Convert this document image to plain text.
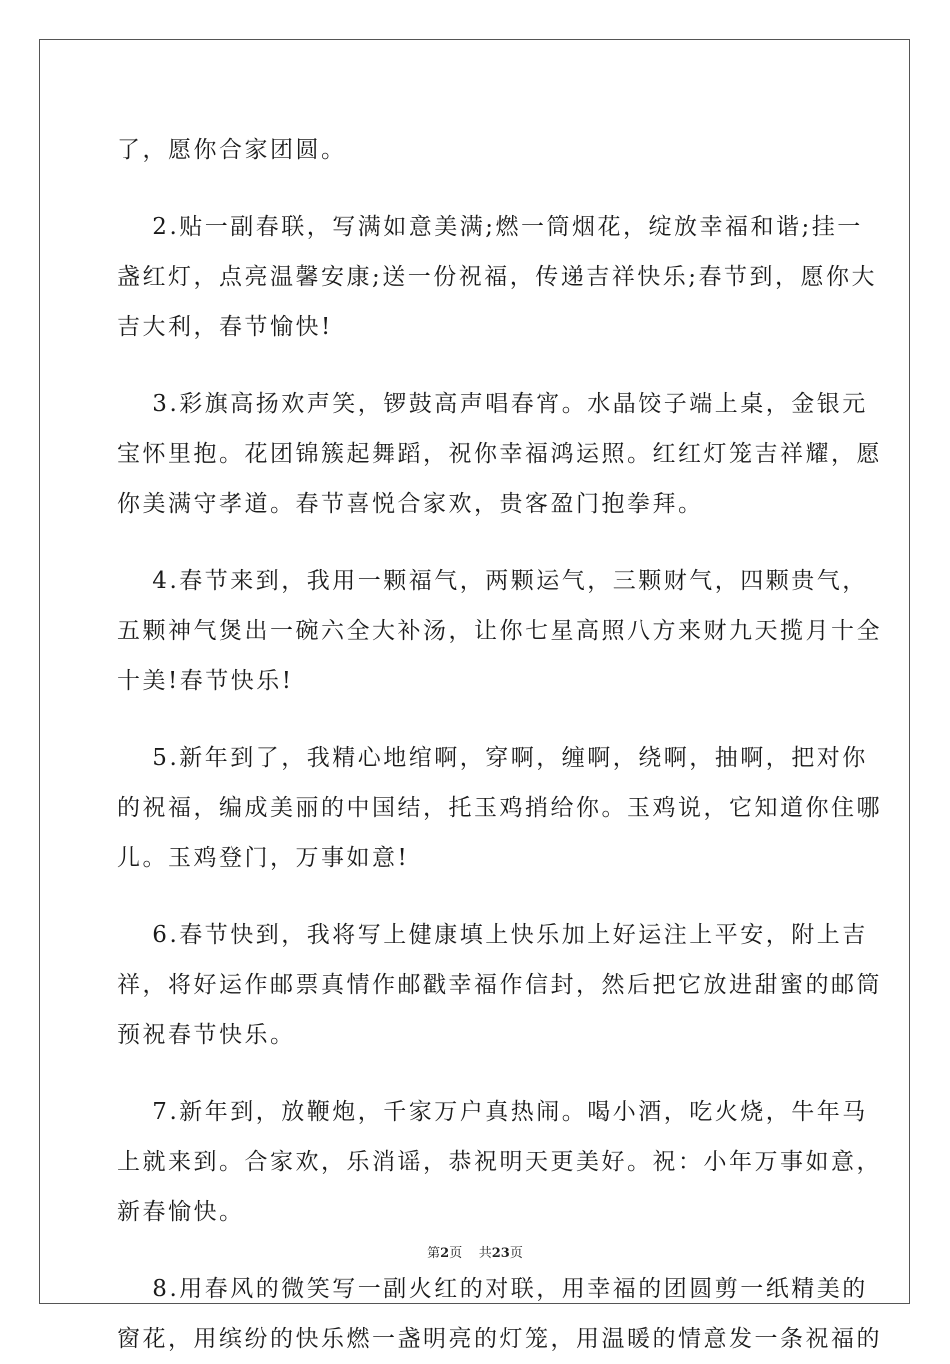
了，愿你合家团圆。
　 2.贴一副春联，写满如意美满;燃一筒烟花，绽放幸福和谐;挂一
盏红灯，点亮温馨安康;送一份祝福，传递吉祥快乐;春节到，愿你大
吉大利，春节愉快!
　 3.彩旗高扬欢声笑，锣鼓高声唱春宵。水晶饺子端上桌，金银元
宝怀里抱。花团锦簇起舞蹈，祝你幸福鸿运照。红红灯笼吉祥耀，愿
你美满守孝道。春节喜悦合家欢，贵客盈门抱拳拜。
　 4.春节来到，我用一颗福气，两颗运气，三颗财气，四颗贵气，
五颗神气煲出一碗六全大补汤，让你七星高照八方来财九天揽月十全
十美!春节快乐!
　 5.新年到了，我精心地绾啊，穿啊，缠啊，绕啊，抽啊，把对你
的祝福，编成美丽的中国结，托玉鸡捎给你。玉鸡说，它知道你住哪
儿。玉鸡登门，万事如意!
　 6.春节快到，我将写上健康填上快乐加上好运注上平安，附上吉
祥，将好运作邮票真情作邮戳幸福作信封，然后把它放进甜蜜的邮筒
预祝春节快乐。
　 7.新年到，放鞭炮，千家万户真热闹。喝小酒，吃火烧，牛年马
上就来到。合家欢，乐消谣，恭祝明天更美好。祝：小年万事如意，
新春愉快。
　 8.用春风的微笑写一副火红的对联，用幸福的团圆剪一纸精美的
窗花，用缤纷的快乐燃一盏明亮的灯笼，用温暖的情意发一条祝福的
第2页    共23页
